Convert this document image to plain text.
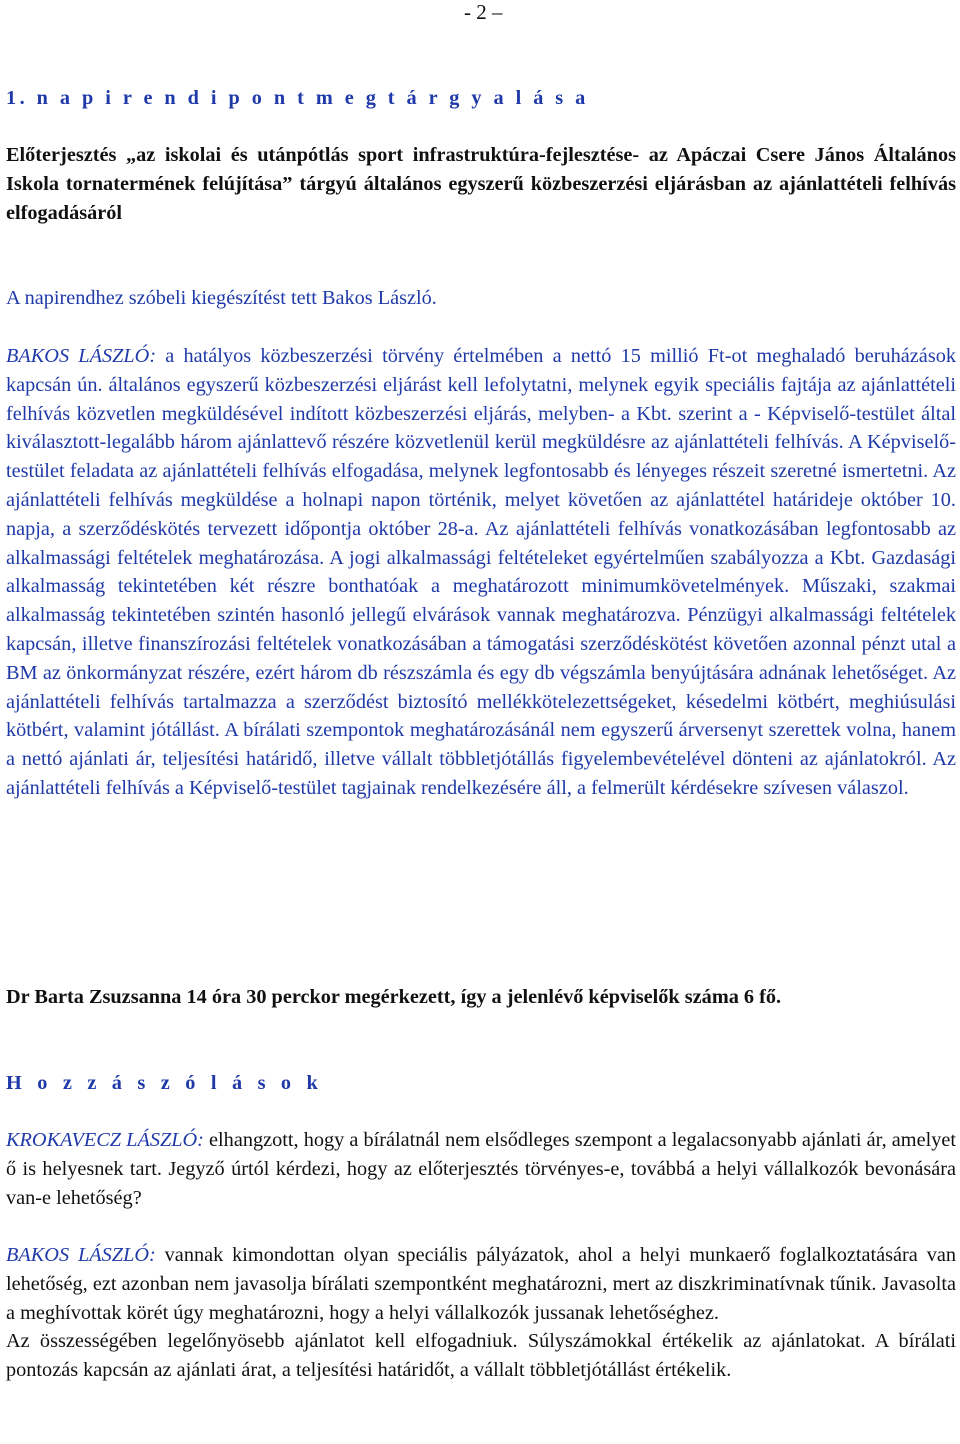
- 2 –
1. n a p i r e n d i p o n t m e g t á r g y a l á s a
Előterjesztés „az iskolai és utánpótlás sport infrastruktúra-fejlesztése- az Apáczai Csere János Általános Iskola tornatermének felújítása” tárgyú általános egyszerű közbeszerzési eljárásban az ajánlattételi felhívás elfogadásáról
A napirendhez szóbeli kiegészítést tett Bakos László.
BAKOS LÁSZLÓ: a hatályos közbeszerzési törvény értelmében a nettó 15 millió Ft-ot meghaladó beruházások kapcsán ún. általános egyszerű közbeszerzési eljárást kell lefolytatni, melynek egyik speciális fajtája az ajánlattételi felhívás közvetlen megküldésével indított közbeszerzési eljárás, melyben- a Kbt. szerint a - Képviselő-testület által kiválasztott-legalább három ajánlattevő részére közvetlenül kerül megküldésre az ajánlattételi felhívás. A Képviselő-testület feladata az ajánlattételi felhívás elfogadása, melynek legfontosabb és lényeges részeit szeretné ismertetni. Az ajánlattételi felhívás megküldése a holnapi napon történik, melyet követően az ajánlattétel határideje október 10. napja, a szerződéskötés tervezett időpontja október 28-a. Az ajánlattételi felhívás vonatkozásában legfontosabb az alkalmassági feltételek meghatározása. A jogi alkalmassági feltételeket egyértelműen szabályozza a Kbt. Gazdasági alkalmasság tekintetében két részre bonthatóak a meghatározott minimumkövetelmények. Műszaki, szakmai alkalmasság tekintetében szintén hasonló jellegű elvárások vannak meghatározva. Pénzügyi alkalmassági feltételek kapcsán, illetve finanszírozási feltételek vonatkozásában a támogatási szerződéskötést követően azonnal pénzt utal a BM az önkormányzat részére, ezért három db részszámla és egy db végszámla benyújtására adnának lehetőséget. Az ajánlattételi felhívás tartalmazza a szerződést biztosító mellékkötelezettségeket, késedelmi kötbért, meghiúsulási kötbért, valamint jótállást. A bírálati szempontok meghatározásánál nem egyszerű árversenyt szerettek volna, hanem a nettó ajánlati ár, teljesítési határidő, illetve vállalt többletjótállás figyelembevételével dönteni az ajánlatokról. Az ajánlattételi felhívás a Képviselő-testület tagjainak rendelkezésére áll, a felmerült kérdésekre szívesen válaszol.
Dr Barta Zsuzsanna 14 óra 30 perckor megérkezett, így a jelenlévő képviselők száma 6 fő.
H o z z á s z ó l á s o k
KROKAVECZ LÁSZLÓ: elhangzott, hogy a bírálatnál nem elsődleges szempont a legalacsonyabb ajánlati ár, amelyet ő is helyesnek tart. Jegyző úrtól kérdezi, hogy az előterjesztés törvényes-e, továbbá a helyi vállalkozók bevonására van-e lehetőség?
BAKOS LÁSZLÓ: vannak kimondottan olyan speciális pályázatok, ahol a helyi munkaerő foglalkoztatására van lehetőség, ezt azonban nem javasolja bírálati szempontként meghatározni, mert az diszkriminatívnak tűnik. Javasolta a meghívottak körét úgy meghatározni, hogy a helyi vállalkozók jussanak lehetőséghez.
Az összességében legelőnyösebb ajánlatot kell elfogadniuk. Súlyszámokkal értékelik az ajánlatokat. A bírálati pontozás kapcsán az ajánlati árat, a teljesítési határidőt, a vállalt többletjótállást értékelik.
